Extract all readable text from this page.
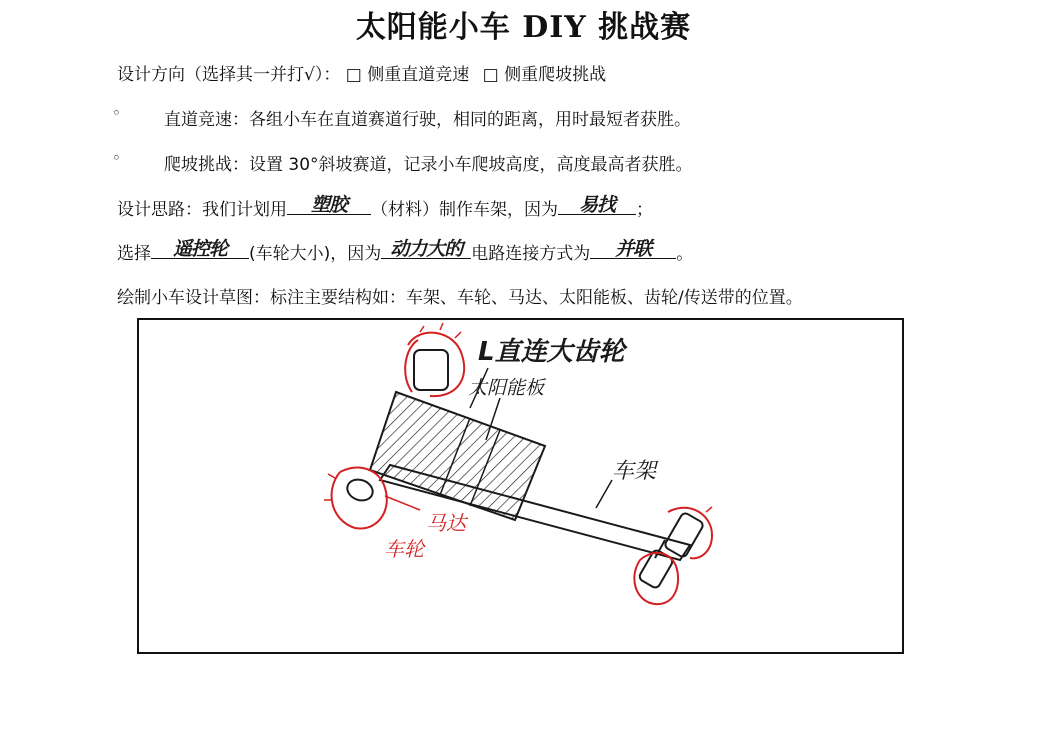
太阳能小车 DIY 挑战赛
设计方向（选择其一并打√）： □ 侧重直道竞速 □ 侧重爬坡挑战
◦	直道竞速：各组小车在直道赛道行驶，相同的距离，用时最短者获胜。
◦	爬坡挑战：设置 30°斜坡赛道，记录小车爬坡高度，高度最高者获胜。
设计思路：我们计划用 塑胶 （材料）制作车架，因为 易找 ；
选择 遥控轮 (车轮大小)，因为 动力大的 电路连接方式为 并联 。
绘制小车设计草图：标注主要结构如：车架、车轮、马达、太阳能板、齿轮/传送带的位置。
L直连大齿轮
太阳能板
车架
马达
车轮
